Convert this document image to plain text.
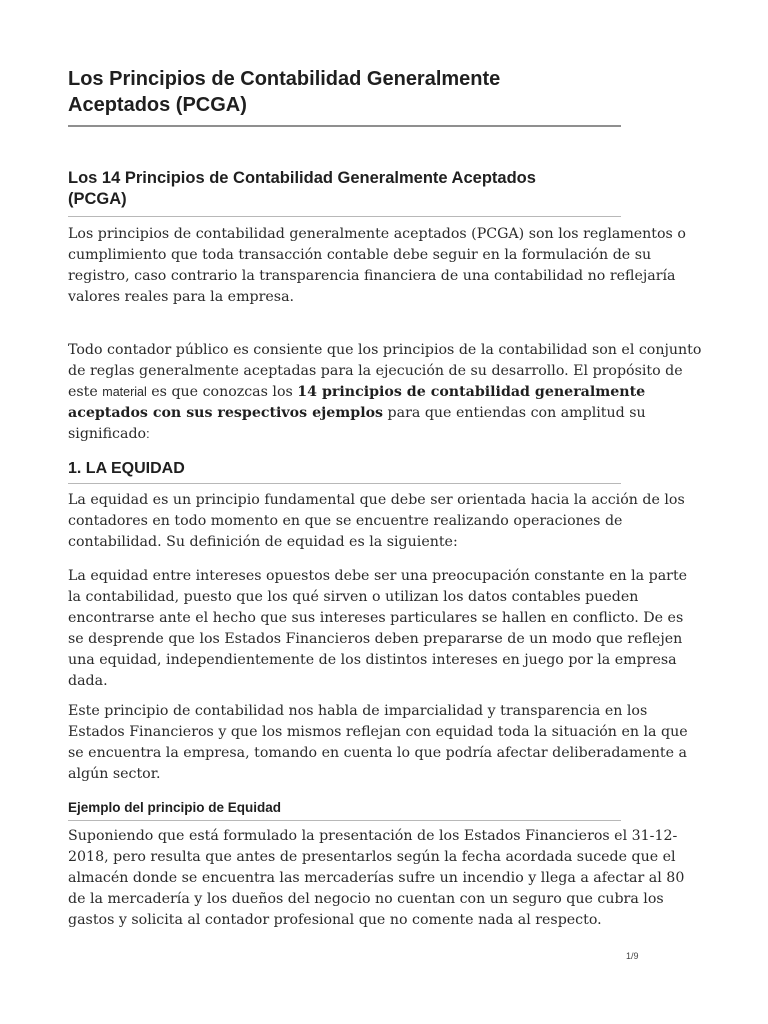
Los Principios de Contabilidad Generalmente
Aceptados (PCGA)
Los 14 Principios de Contabilidad Generalmente Aceptados
(PCGA)

Los principios de contabilidad generalmente aceptados (PCGA) son los reglamentos o
cumplimiento que toda transacción contable debe seguir en la formulación de su
registro, caso contrario la transparencia financiera de una contabilidad no reflejaría
valores reales para la empresa.

Todo contador público es consiente que los principios de la contabilidad son el conjunto
de reglas generalmente aceptadas para la ejecución de su desarrollo. El propósito de
este material es que conozcas los 14 principios de contabilidad generalmente
aceptados con sus respectivos ejemplos para que entiendas con amplitud su
significado:

1. LA EQUIDAD

La equidad es un principio fundamental que debe ser orientada hacia la acción de los
contadores en todo momento en que se encuentre realizando operaciones de
contabilidad. Su definición de equidad es la siguiente:

La equidad entre intereses opuestos debe ser una preocupación constante en la parte
la contabilidad, puesto que los qué sirven o utilizan los datos contables pueden
encontrarse ante el hecho que sus intereses particulares se hallen en conflicto. De es
se desprende que los Estados Financieros deben prepararse de un modo que reflejen
una equidad, independientemente de los distintos intereses en juego por la empresa
dada.

Este principio de contabilidad nos habla de imparcialidad y transparencia en los
Estados Financieros y que los mismos reflejan con equidad toda la situación en la que
se encuentra la empresa, tomando en cuenta lo que podría afectar deliberadamente a
algún sector.

Ejemplo del principio de Equidad

Suponiendo que está formulado la presentación de los Estados Financieros el 31-12-
2018, pero resulta que antes de presentarlos según la fecha acordada sucede que el
almacén donde se encuentra las mercaderías sufre un incendio y llega a afectar al 80
de la mercadería y los dueños del negocio no cuentan con un seguro que cubra los
gastos y solicita al contador profesional que no comente nada al respecto.

1/9
